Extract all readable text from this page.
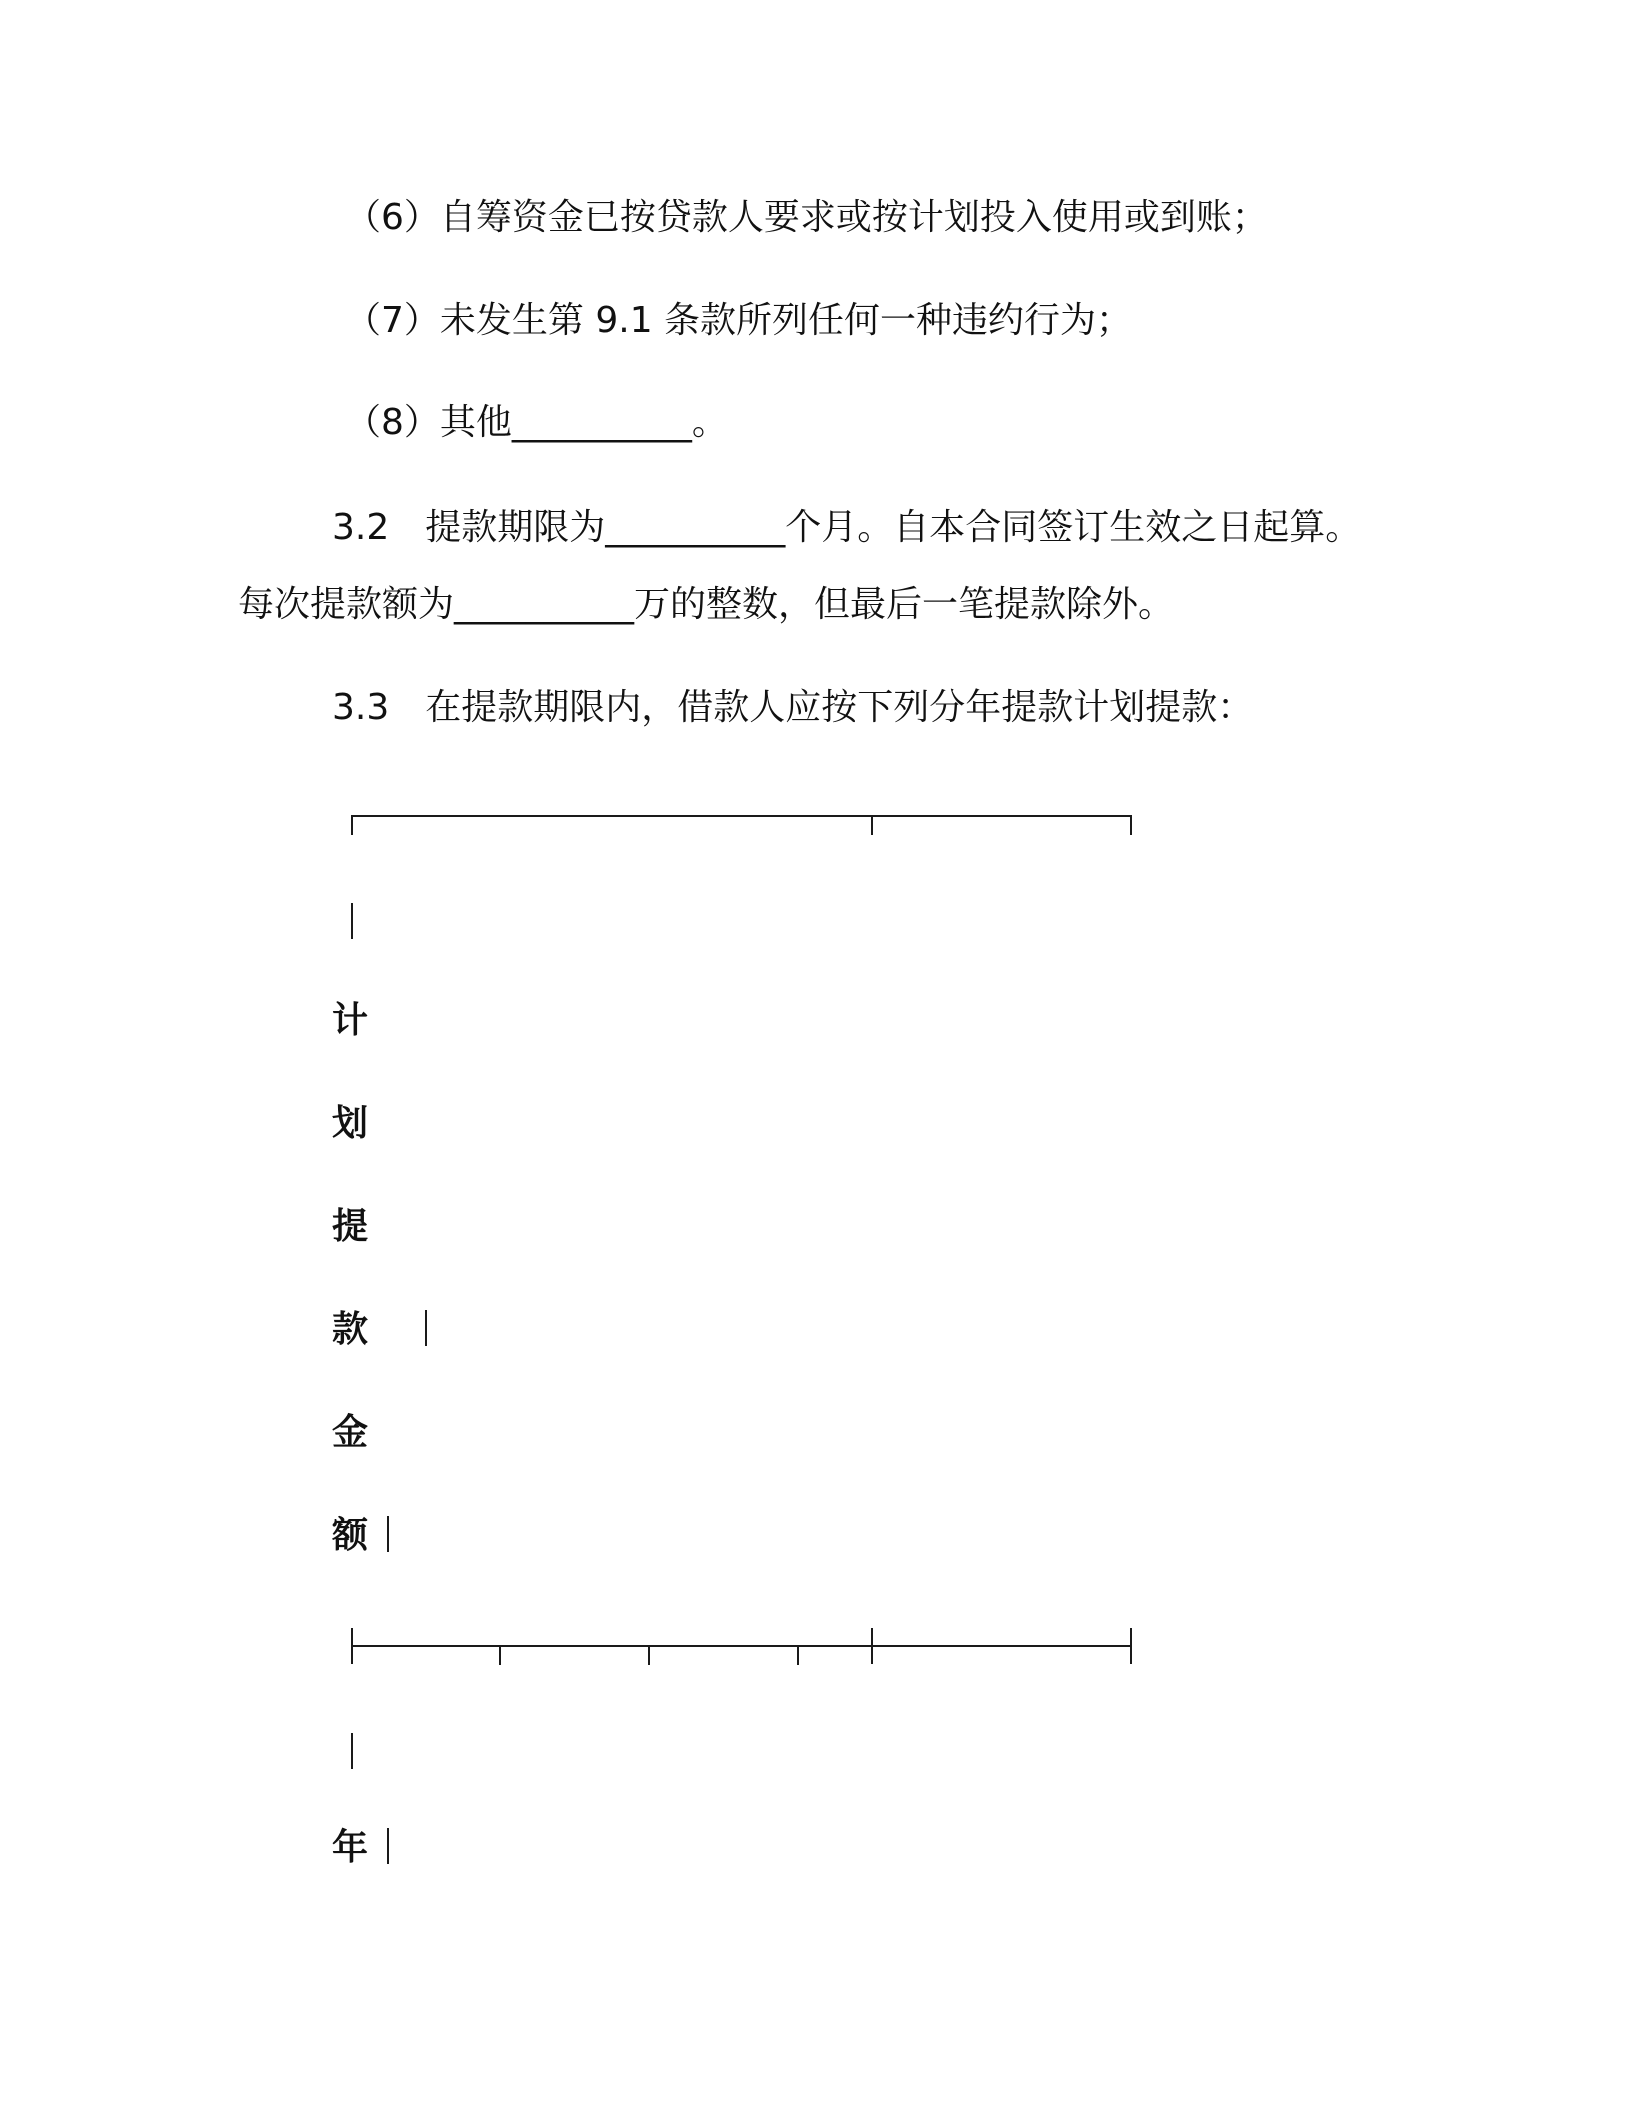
（6）自筹资金已按贷款人要求或按计划投入使用或到账；
（7）未发生第 9.1 条款所列任何一种违约行为；
（8）其他__________。
3.2　提款期限为__________个月。自本合同签订生效之日起算。
每次提款额为__________万的整数，但最后一笔提款除外。
3.3　在提款期限内，借款人应按下列分年提款计划提款：
计
划
提
款
金
额
年
